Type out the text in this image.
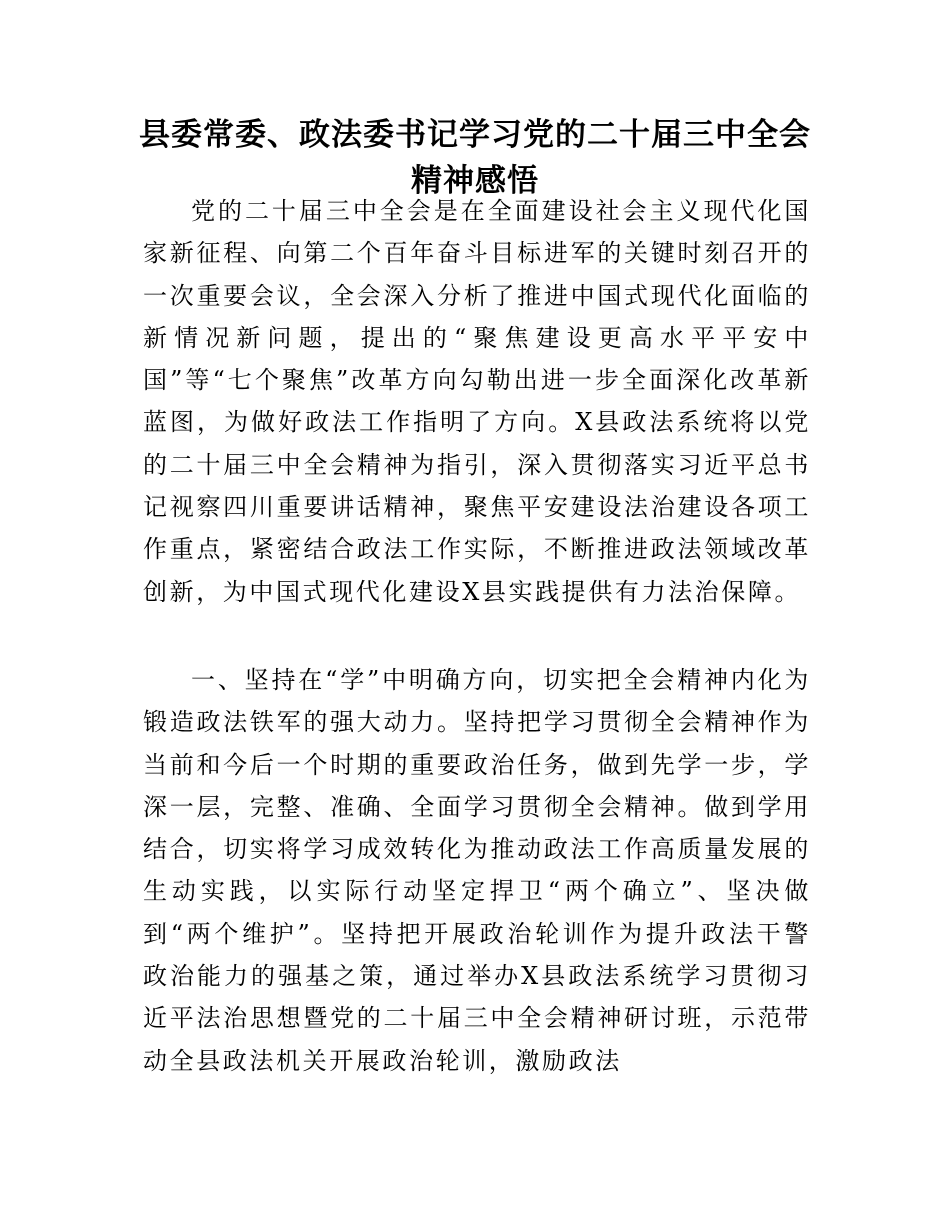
县委常委、政法委书记学习党的二十届三中全会精神感悟

党的二十届三中全会是在全面建设社会主义现代化国家新征程、向第二个百年奋斗目标进军的关键时刻召开的一次重要会议，全会深入分析了推进中国式现代化面临的新情况新问题，提出的“聚焦建设更高水平平安中国”等“七个聚焦”改革方向勾勒出进一步全面深化改革新蓝图，为做好政法工作指明了方向。X县政法系统将以党的二十届三中全会精神为指引，深入贯彻落实习近平总书记视察四川重要讲话精神，聚焦平安建设法治建设各项工作重点，紧密结合政法工作实际，不断推进政法领域改革创新，为中国式现代化建设X县实践提供有力法治保障。

一、坚持在“学”中明确方向，切实把全会精神内化为锻造政法铁军的强大动力。坚持把学习贯彻全会精神作为当前和今后一个时期的重要政治任务，做到先学一步，学深一层，完整、准确、全面学习贯彻全会精神。做到学用结合，切实将学习成效转化为推动政法工作高质量发展的生动实践，以实际行动坚定捍卫“两个确立”、坚决做到“两个维护”。坚持把开展政治轮训作为提升政法干警政治能力的强基之策，通过举办X县政法系统学习贯彻习近平法治思想暨党的二十届三中全会精神研讨班，示范带动全县政法机关开展政治轮训，激励政法
